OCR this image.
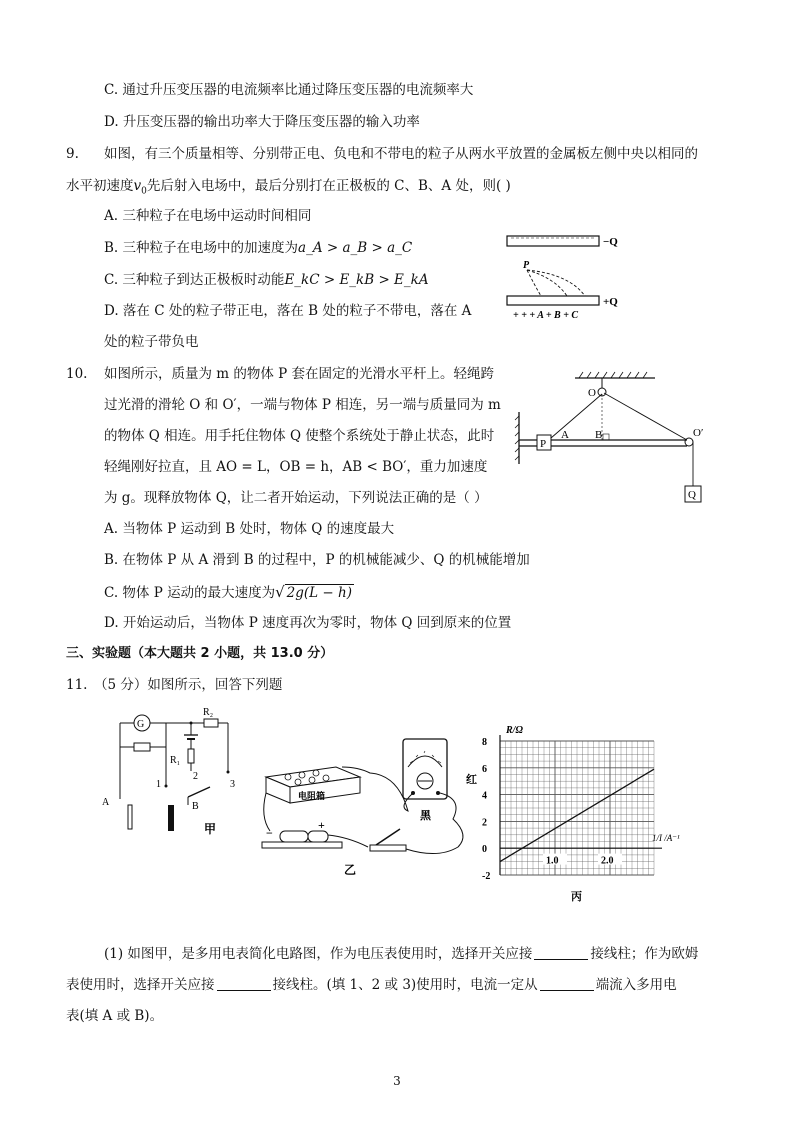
C. 通过升压变压器的电流频率比通过降压变压器的电流频率大
D. 升压变压器的输出功率大于降压变压器的输入功率
9. 如图，有三个质量相等、分别带正电、负电和不带电的粒子从两水平放置的金属板左侧中央以相同的
水平初速度$v_0$先后射入电场中，最后分别打在正极板的 C、B、A 处，则( )
A. 三种粒子在电场中运动时间相同
B. 三种粒子在电场中的加速度为a_A > a_B > a_C
C. 三种粒子到达正极板时动能E_kC > E_kB > E_kA
D. 落在 C 处的粒子带正电，落在 B 处的粒子不带电，落在 A
处的粒子带负电
−Q
P
+Q
+ + + A + B + C
10. 如图所示，质量为 m 的物体 P 套在固定的光滑水平杆上。轻绳跨
过光滑的滑轮 O 和 O′，一端与物体 P 相连，另一端与质量同为 m
的物体 Q 相连。用手托住物体 Q 使整个系统处于静止状态，此时
轻绳刚好拉直，且 AO = L，OB = h，AB < BO′，重力加速度
为 g。现释放物体 Q，让二者开始运动，下列说法正确的是（ ）
A. 当物体 P 运动到 B 处时，物体 Q 的速度最大
B. 在物体 P 从 A 滑到 B 的过程中，P 的机械能减少、Q 的机械能增加
C. 物体 P 运动的最大速度为√ 2g(L − h)
D. 开始运动后，当物体 P 速度再次为零时，物体 Q 回到原来的位置
O
P
A B	O′
Q
三、实验题（本大题共 2 小题，共 13.0 分）
11. （5 分）如图所示，回答下列题
G
R₁
R₂
1
2
3
B
A
甲
红
黑
电阻箱
−
+
乙
R/Ω
8
6
4
2
0
-2
1.0	2.0
1/I /A⁻¹
丙
(1) 如图甲，是多用电表简化电路图，作为电压表使用时，选择开关应接	接线柱；作为欧姆
表使用时，选择开关应接	接线柱。(填 1、2 或 3)使用时，电流一定从	端流入多用电
表(填 A 或 B)。
3
